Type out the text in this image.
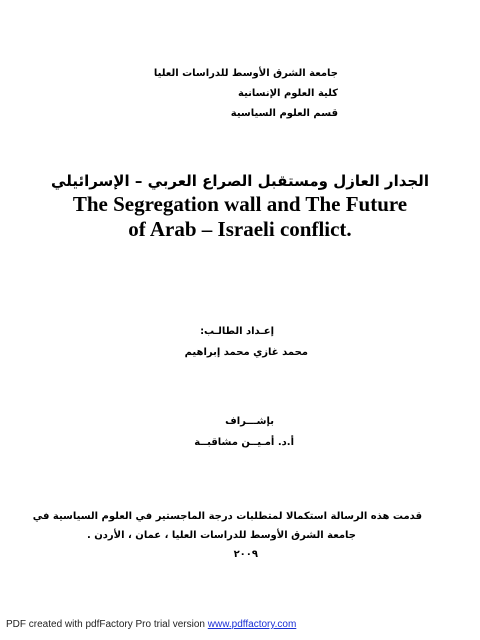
جامعة الشرق الأوسط للدراسات العليا
كلية العلوم الإنسانية
قسم العلوم السياسية
الجدار العازل ومستقبل الصراع العربي – الإسرائيلي
The Segregation wall and The Future
of Arab – Israeli conflict.
إعـداد الطالـب:
محمد غازي محمد إبراهيم
بإشـــراف
أ.د. أمـيــن مشاقبــة
قدمت هذه الرسالة استكمالا لمتطلبات درجة الماجستير في العلوم السياسية في
جامعة الشرق الأوسط للدراسات العليا ، عمان ، الأردن .
٢٠٠٩
PDF created with pdfFactory Pro trial version www.pdffactory.com
